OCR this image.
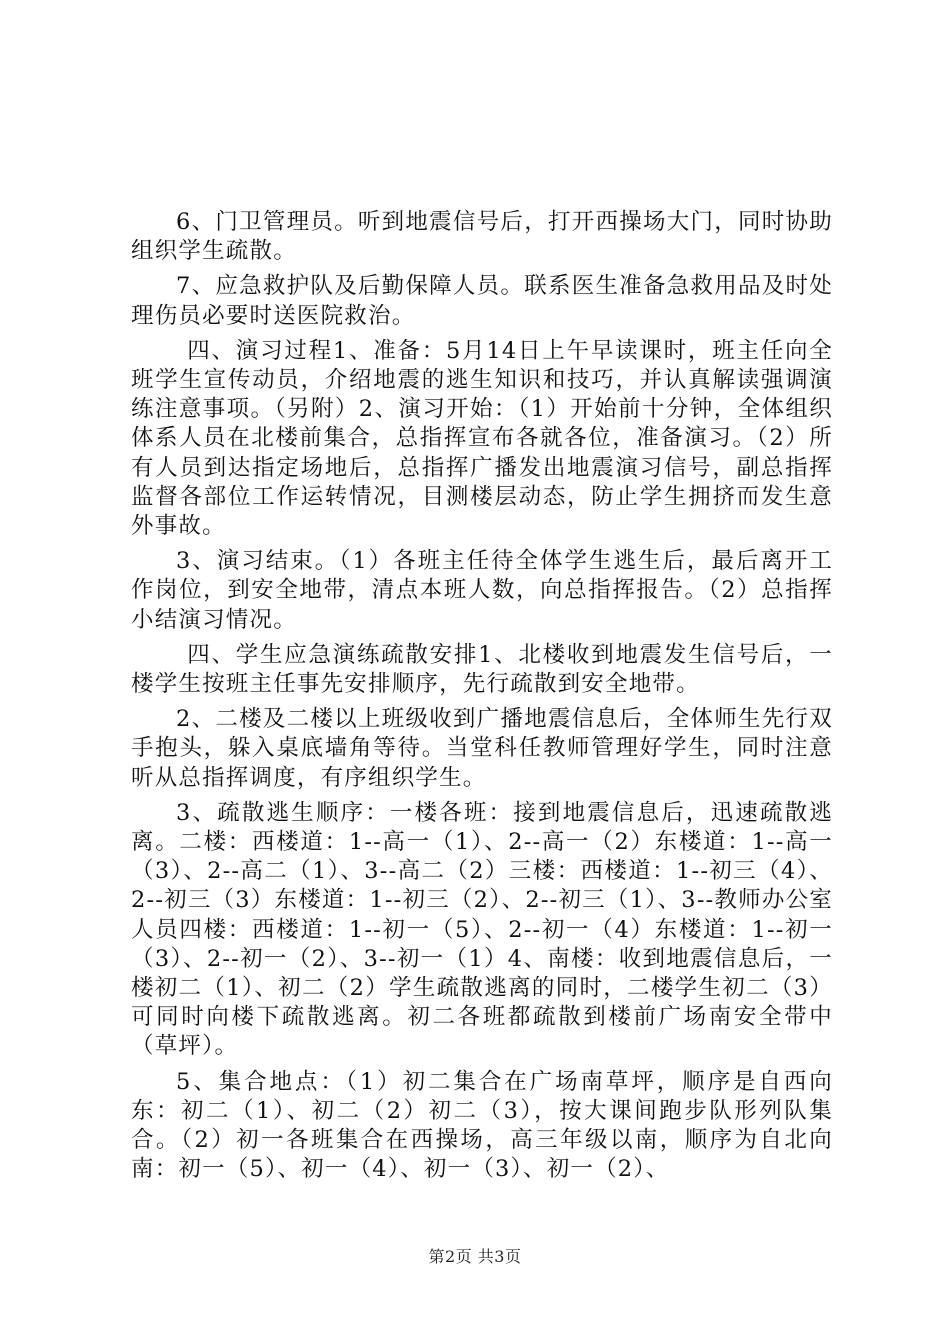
6、门卫管理员。听到地震信号后，打开西操场大门，同时协助组织学生疏散。

7、应急救护队及后勤保障人员。联系医生准备急救用品及时处理伤员必要时送医院救治。

四、演习过程1、准备：5月14日上午早读课时，班主任向全班学生宣传动员，介绍地震的逃生知识和技巧，并认真解读强调演练注意事项。（另附）2、演习开始：（1）开始前十分钟，全体组织体系人员在北楼前集合，总指挥宣布各就各位，准备演习。（2）所有人员到达指定场地后，总指挥广播发出地震演习信号，副总指挥监督各部位工作运转情况，目测楼层动态，防止学生拥挤而发生意外事故。

3、演习结束。（1）各班主任待全体学生逃生后，最后离开工作岗位，到安全地带，清点本班人数，向总指挥报告。（2）总指挥小结演习情况。

四、学生应急演练疏散安排1、北楼收到地震发生信号后，一楼学生按班主任事先安排顺序，先行疏散到安全地带。

2、二楼及二楼以上班级收到广播地震信息后，全体师生先行双手抱头，躲入桌底墙角等待。当堂科任教师管理好学生，同时注意听从总指挥调度，有序组织学生。

3、疏散逃生顺序：一楼各班：接到地震信息后，迅速疏散逃离。二楼：西楼道：1--高一（1）、2--高一（2）东楼道：1--高一（3）、2--高二（1）、3--高二（2）三楼：西楼道：1--初三（4）、2--初三（3）东楼道：1--初三（2）、2--初三（1）、3--教师办公室人员四楼：西楼道：1--初一（5）、2--初一（4）东楼道：1--初一（3）、2--初一（2）、3--初一（1）4、南楼：收到地震信息后，一楼初二（1）、初二（2）学生疏散逃离的同时，二楼学生初二（3）可同时向楼下疏散逃离。初二各班都疏散到楼前广场南安全带中（草坪）。

5、集合地点：（1）初二集合在广场南草坪，顺序是自西向东：初二（1）、初二（2）初二（3），按大课间跑步队形列队集合。（2）初一各班集合在西操场，高三年级以南，顺序为自北向南：初一（5）、初一（4）、初一（3）、初一（2）、

第2页 共3页
